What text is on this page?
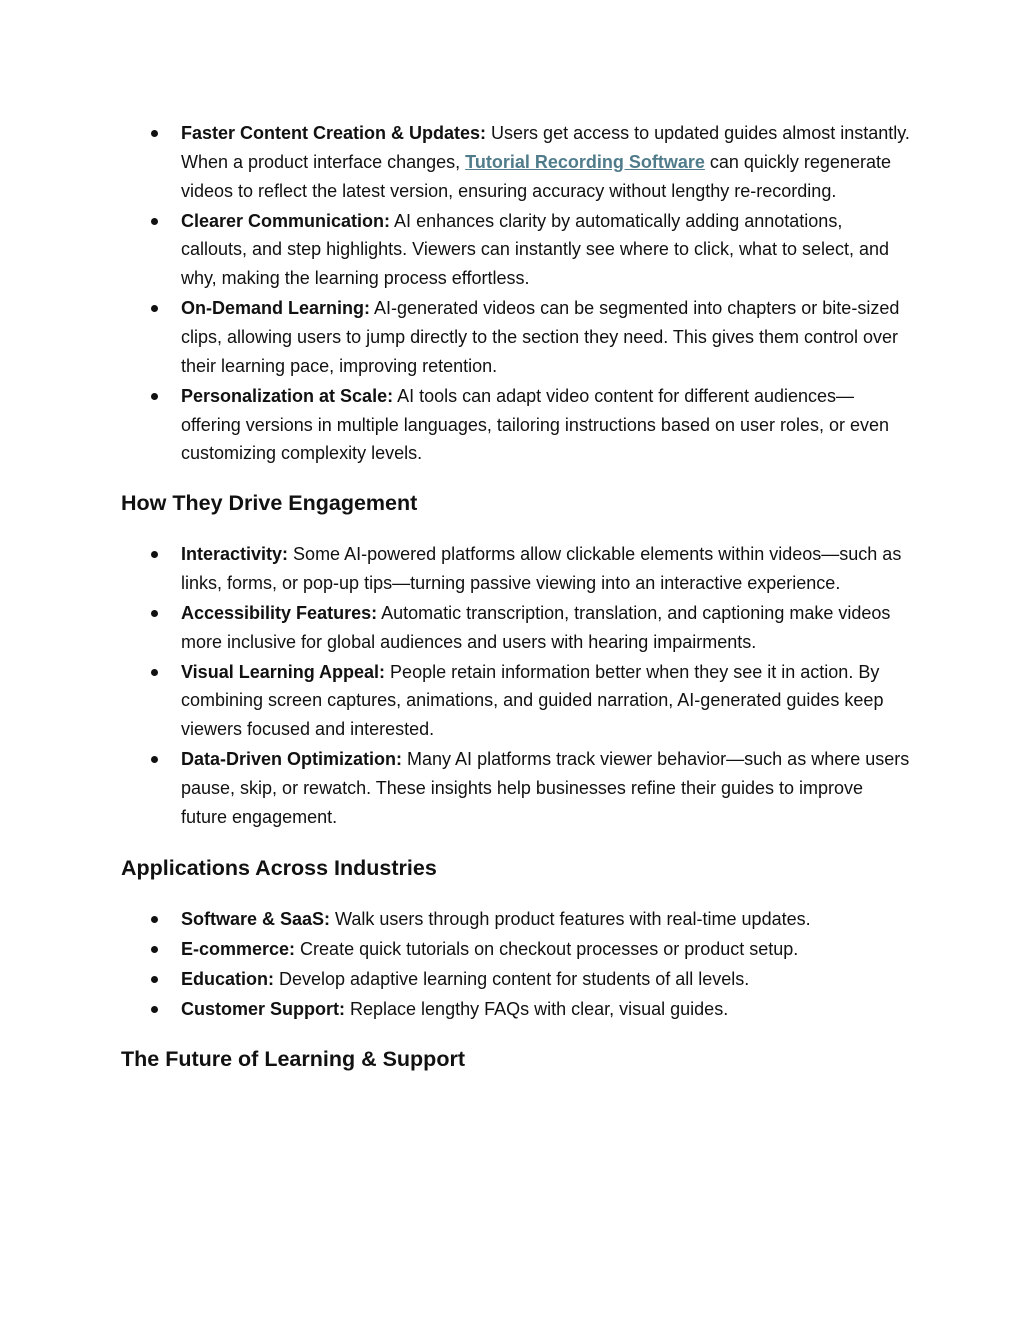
Faster Content Creation & Updates: Users get access to updated guides almost instantly. When a product interface changes, Tutorial Recording Software can quickly regenerate videos to reflect the latest version, ensuring accuracy without lengthy re-recording.
Clearer Communication: AI enhances clarity by automatically adding annotations, callouts, and step highlights. Viewers can instantly see where to click, what to select, and why, making the learning process effortless.
On-Demand Learning: AI-generated videos can be segmented into chapters or bite-sized clips, allowing users to jump directly to the section they need. This gives them control over their learning pace, improving retention.
Personalization at Scale: AI tools can adapt video content for different audiences—offering versions in multiple languages, tailoring instructions based on user roles, or even customizing complexity levels.
How They Drive Engagement
Interactivity: Some AI-powered platforms allow clickable elements within videos—such as links, forms, or pop-up tips—turning passive viewing into an interactive experience.
Accessibility Features: Automatic transcription, translation, and captioning make videos more inclusive for global audiences and users with hearing impairments.
Visual Learning Appeal: People retain information better when they see it in action. By combining screen captures, animations, and guided narration, AI-generated guides keep viewers focused and interested.
Data-Driven Optimization: Many AI platforms track viewer behavior—such as where users pause, skip, or rewatch. These insights help businesses refine their guides to improve future engagement.
Applications Across Industries
Software & SaaS: Walk users through product features with real-time updates.
E-commerce: Create quick tutorials on checkout processes or product setup.
Education: Develop adaptive learning content for students of all levels.
Customer Support: Replace lengthy FAQs with clear, visual guides.
The Future of Learning & Support
